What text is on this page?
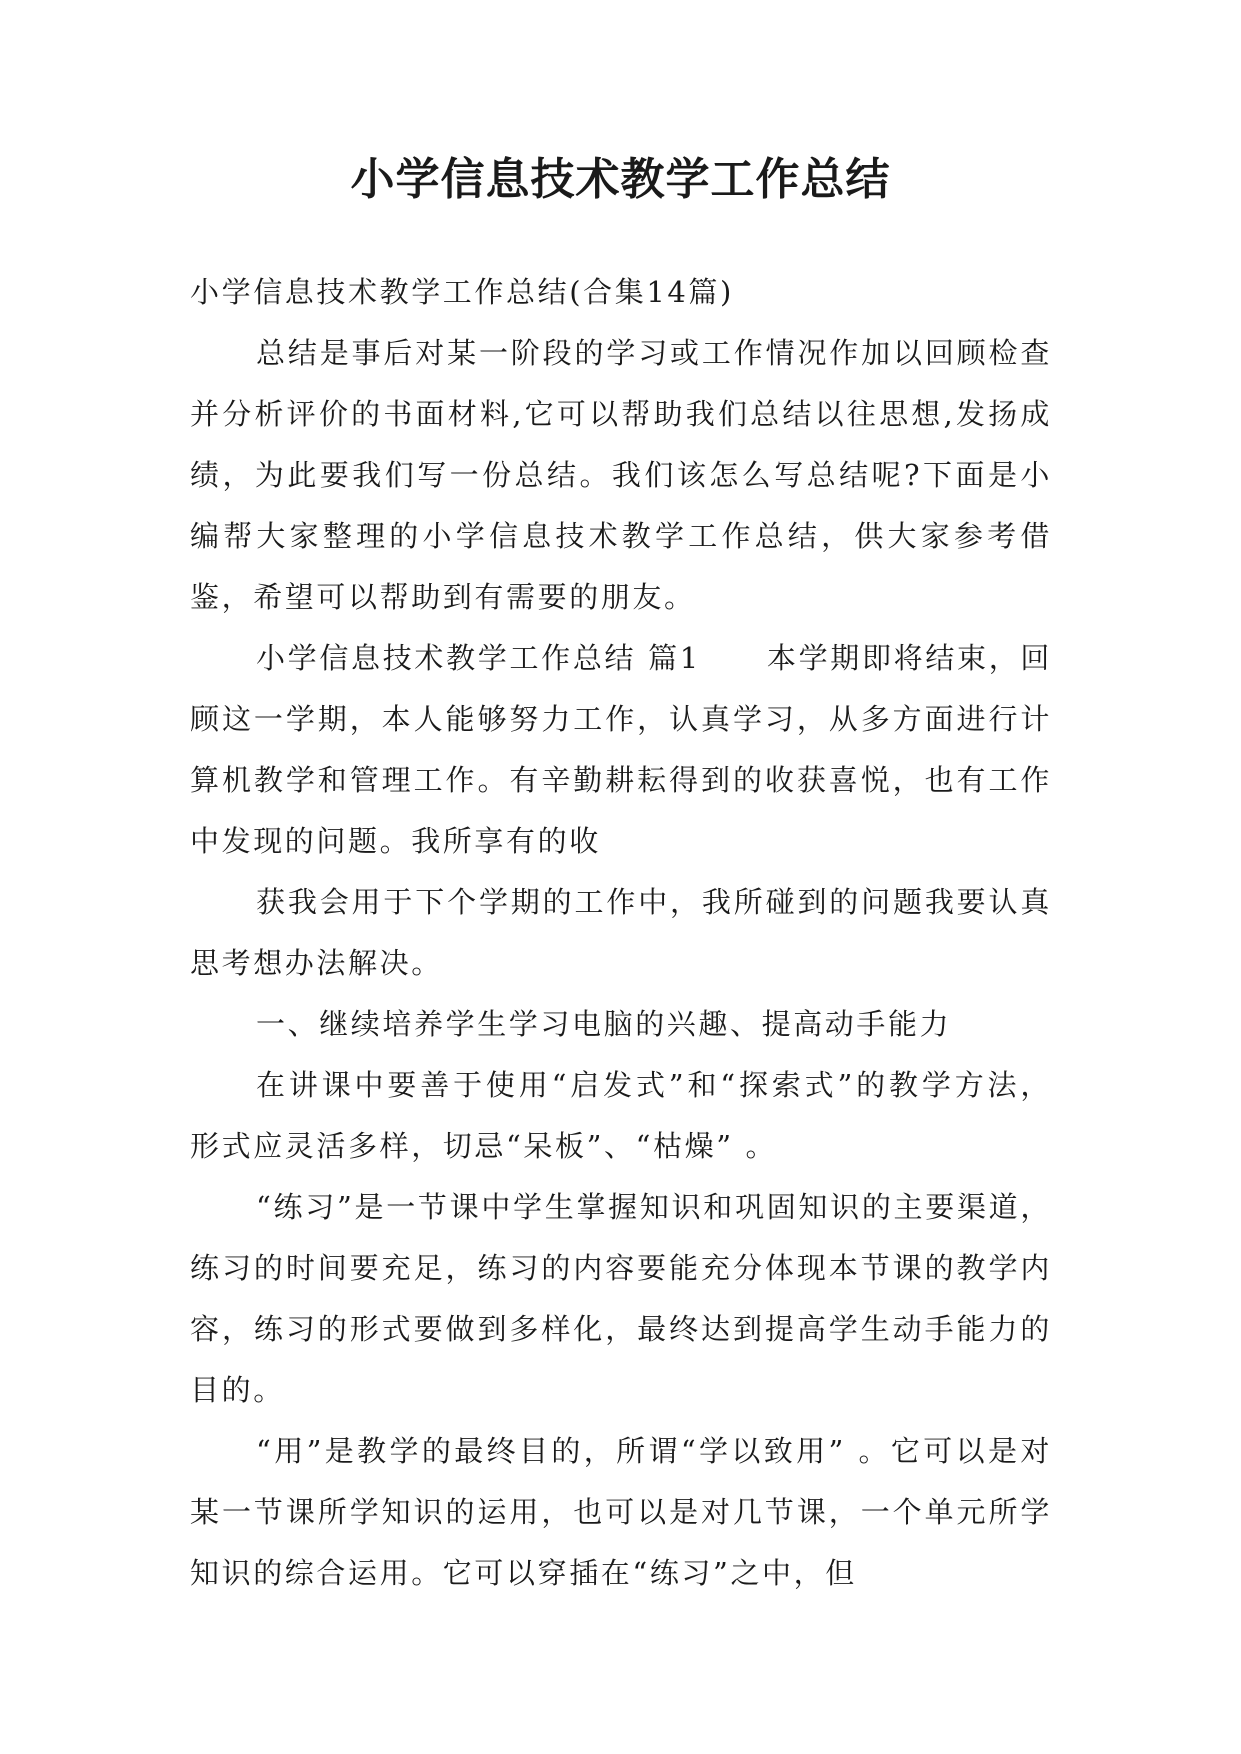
小学信息技术教学工作总结

小学信息技术教学工作总结(合集14篇)

总结是事后对某一阶段的学习或工作情况作加以回顾检查并分析评价的书面材料,它可以帮助我们总结以往思想,发扬成绩，为此要我们写一份总结。我们该怎么写总结呢?下面是小编帮大家整理的小学信息技术教学工作总结，供大家参考借鉴，希望可以帮助到有需要的朋友。

小学信息技术教学工作总结 篇1 本学期即将结束，回顾这一学期，本人能够努力工作，认真学习，从多方面进行计算机教学和管理工作。有辛勤耕耘得到的收获喜悦，也有工作中发现的问题。我所享有的收

获我会用于下个学期的工作中，我所碰到的问题我要认真思考想办法解决。

一、继续培养学生学习电脑的兴趣、提高动手能力

在讲课中要善于使用“启发式”和“探索式”的教学方法，形式应灵活多样，切忌“呆板”、“枯燥” 。

“练习”是一节课中学生掌握知识和巩固知识的主要渠道，练习的时间要充足，练习的内容要能充分体现本节课的教学内容，练习的形式要做到多样化，最终达到提高学生动手能力的目的。

“用”是教学的最终目的，所谓“学以致用” 。它可以是对某一节课所学知识的运用，也可以是对几节课，一个单元所学知识的综合运用。它可以穿插在“练习”之中，但
